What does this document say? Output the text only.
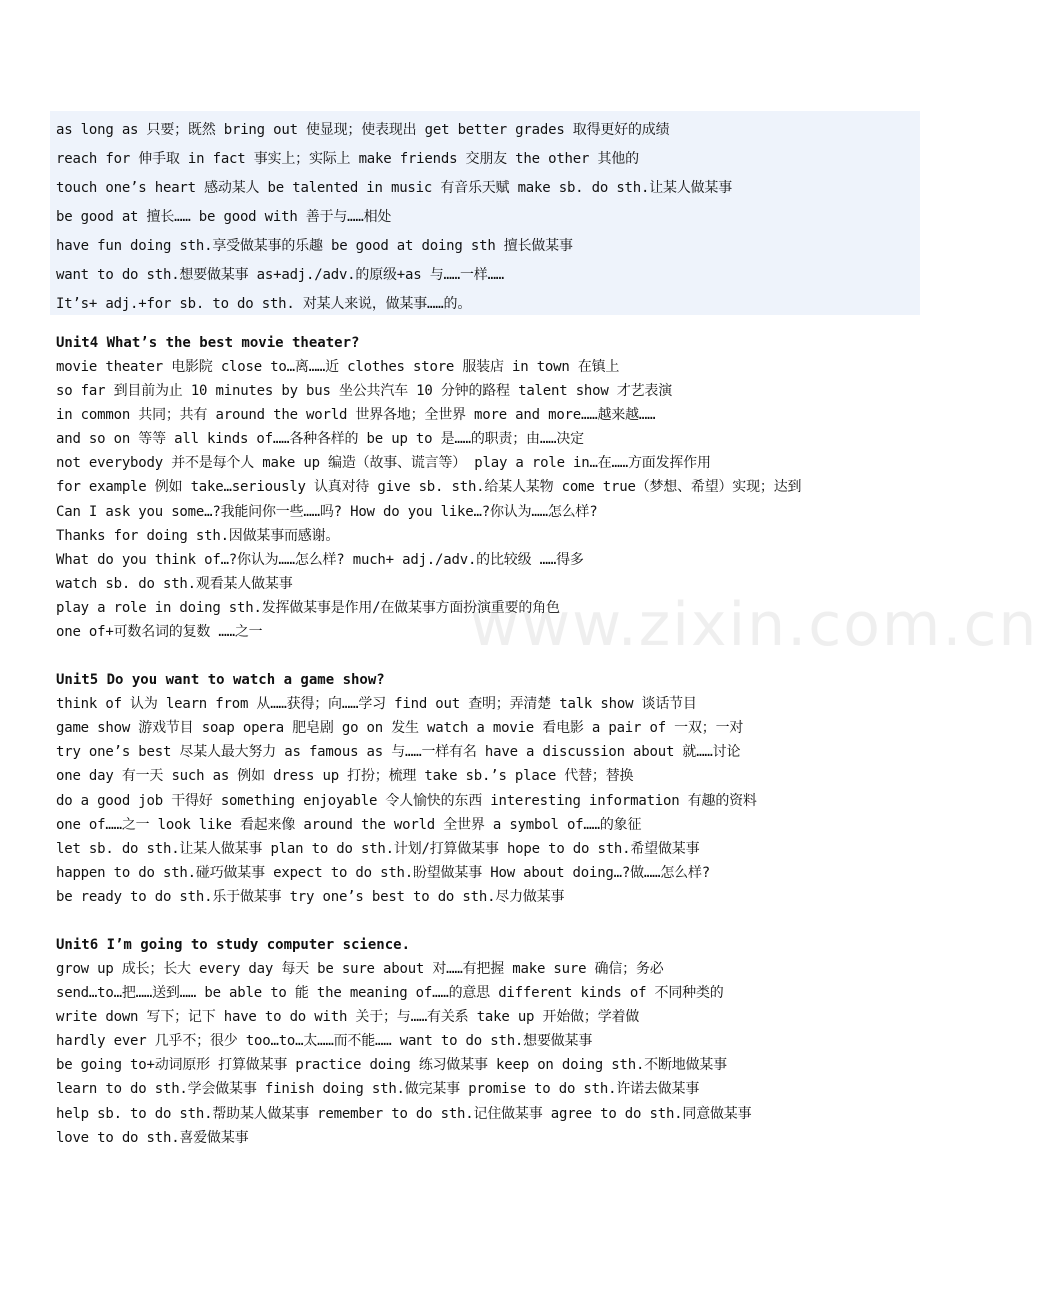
www.zixin.com.cn
as long as 只要；既然 bring out 使显现；使表现出 get better grades 取得更好的成绩
reach for 伸手取 in fact 事实上；实际上 make friends 交朋友 the other 其他的
touch one’s heart 感动某人 be talented in music 有音乐天赋 make sb. do sth.让某人做某事
be good at 擅长…… be good with 善于与……相处
have fun doing sth.享受做某事的乐趣 be good at doing sth 擅长做某事
want to do sth.想要做某事 as+adj./adv.的原级+as 与……一样……
It’s+ adj.+for sb. to do sth. 对某人来说，做某事……的。
Unit4 What’s the best movie theater?
movie theater 电影院 close to…离……近 clothes store 服装店 in town 在镇上
so far 到目前为止 10 minutes by bus 坐公共汽车 10 分钟的路程 talent show 才艺表演
in common 共同；共有 around the world 世界各地；全世界 more and more……越来越……
and so on 等等 all kinds of……各种各样的 be up to 是……的职责；由……决定
not everybody 并不是每个人 make up 编造（故事、谎言等） play a role in…在……方面发挥作用
for example 例如 take…seriously 认真对待 give sb. sth.给某人某物 come true（梦想、希望）实现；达到
Can I ask you some…?我能问你一些……吗? How do you like…?你认为……怎么样?
Thanks for doing sth.因做某事而感谢。
What do you think of…?你认为……怎么样? much+ adj./adv.的比较级 ……得多
watch sb. do sth.观看某人做某事
play a role in doing sth.发挥做某事是作用/在做某事方面扮演重要的角色
one of+可数名词的复数 ……之一
Unit5 Do you want to watch a game show?
think of 认为 learn from 从……获得；向……学习 find out 查明；弄清楚 talk show 谈话节目
game show 游戏节目 soap opera 肥皂剧 go on 发生 watch a movie 看电影 a pair of 一双；一对
try one’s best 尽某人最大努力 as famous as 与……一样有名 have a discussion about 就……讨论
one day 有一天 such as 例如 dress up 打扮；梳理 take sb.’s place 代替；替换
do a good job 干得好 something enjoyable 令人愉快的东西 interesting information 有趣的资料
one of……之一 look like 看起来像 around the world 全世界 a symbol of……的象征
let sb. do sth.让某人做某事 plan to do sth.计划/打算做某事 hope to do sth.希望做某事
happen to do sth.碰巧做某事 expect to do sth.盼望做某事 How about doing…?做……怎么样?
be ready to do sth.乐于做某事 try one’s best to do sth.尽力做某事
Unit6 I’m going to study computer science.
grow up 成长；长大 every day 每天 be sure about 对……有把握 make sure 确信；务必
send…to…把……送到…… be able to 能 the meaning of……的意思 different kinds of 不同种类的
write down 写下；记下 have to do with 关于；与……有关系 take up 开始做；学着做
hardly ever 几乎不；很少 too…to…太……而不能…… want to do sth.想要做某事
be going to+动词原形 打算做某事 practice doing 练习做某事 keep on doing sth.不断地做某事
learn to do sth.学会做某事 finish doing sth.做完某事 promise to do sth.许诺去做某事
help sb. to do sth.帮助某人做某事 remember to do sth.记住做某事 agree to do sth.同意做某事
love to do sth.喜爱做某事
